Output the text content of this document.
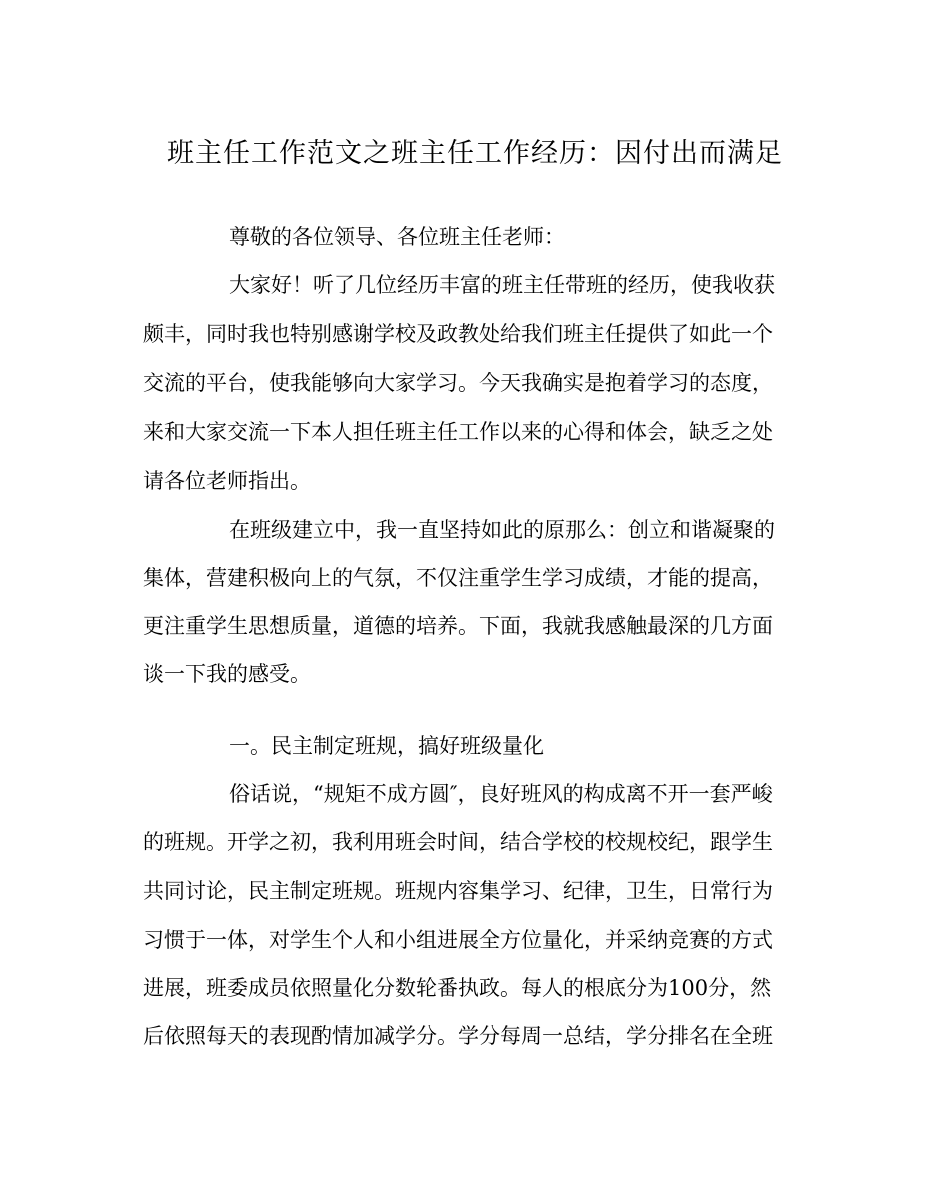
班主任工作范文之班主任工作经历：因付出而满足

尊敬的各位领导、各位班主任老师：

大家好！听了几位经历丰富的班主任带班的经历，使我收获

颇丰，同时我也特别感谢学校及政教处给我们班主任提供了如此一个

交流的平台，使我能够向大家学习。今天我确实是抱着学习的态度，

来和大家交流一下本人担任班主任工作以来的心得和体会，缺乏之处

请各位老师指出。

在班级建立中，我一直坚持如此的原那么：创立和谐凝聚的

集体，营建积极向上的气氛，不仅注重学生学习成绩，才能的提高，

更注重学生思想质量，道德的培养。下面，我就我感触最深的几方面

谈一下我的感受。

一。民主制定班规，搞好班级量化

俗话说，“规矩不成方圆″，良好班风的构成离不开一套严峻

的班规。开学之初，我利用班会时间，结合学校的校规校纪，跟学生

共同讨论，民主制定班规。班规内容集学习、纪律，卫生，日常行为

习惯于一体，对学生个人和小组进展全方位量化，并采纳竞赛的方式

进展，班委成员依照量化分数轮番执政。每人的根底分为100分，然

后依照每天的表现酌情加减学分。学分每周一总结，学分排名在全班
